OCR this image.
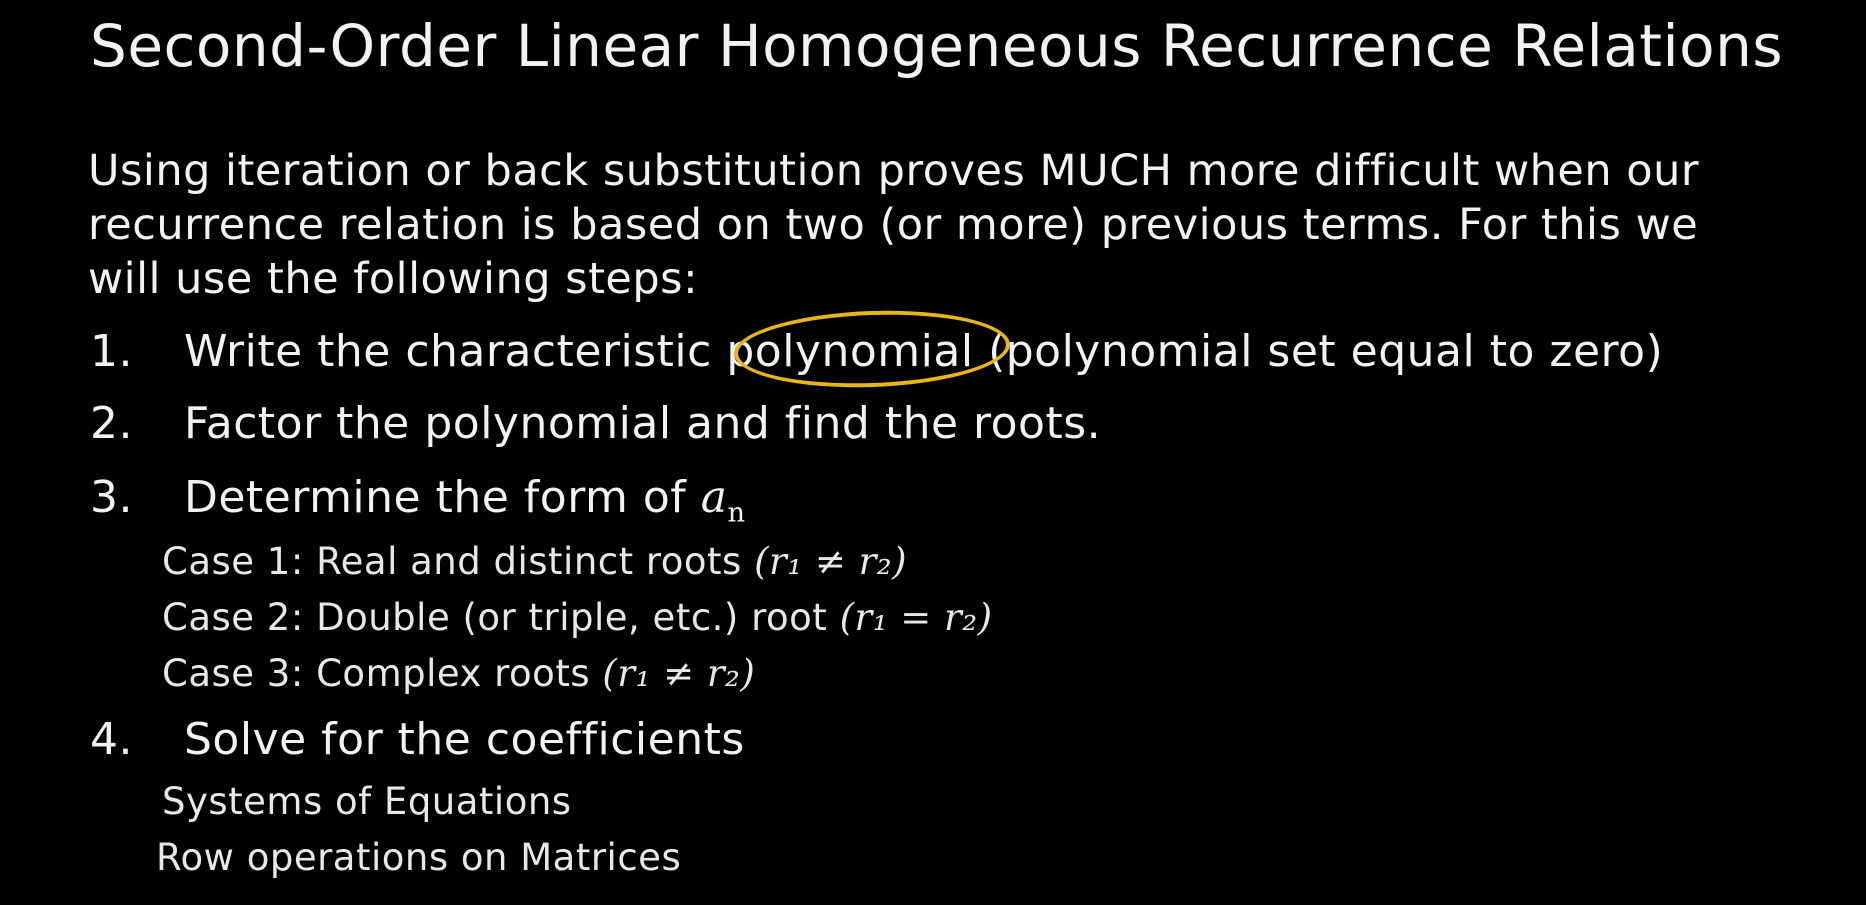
Second-Order Linear Homogeneous Recurrence Relations
Using iteration or back substitution proves MUCH more difficult when our
recurrence relation is based on two (or more) previous terms. For this we
will use the following steps:
1. Write the characteristic polynomial (polynomial set equal to zero)
2. Factor the polynomial and find the roots.
3. Determine the form of $a_n$
Case 1: Real and distinct roots (r₁ ≠ r₂)
Case 2: Double (or triple, etc.) root (r₁ = r₂)
Case 3: Complex roots (r₁ ≠ r₂)
4. Solve for the coefficients
Systems of Equations
Row operations on Matrices
